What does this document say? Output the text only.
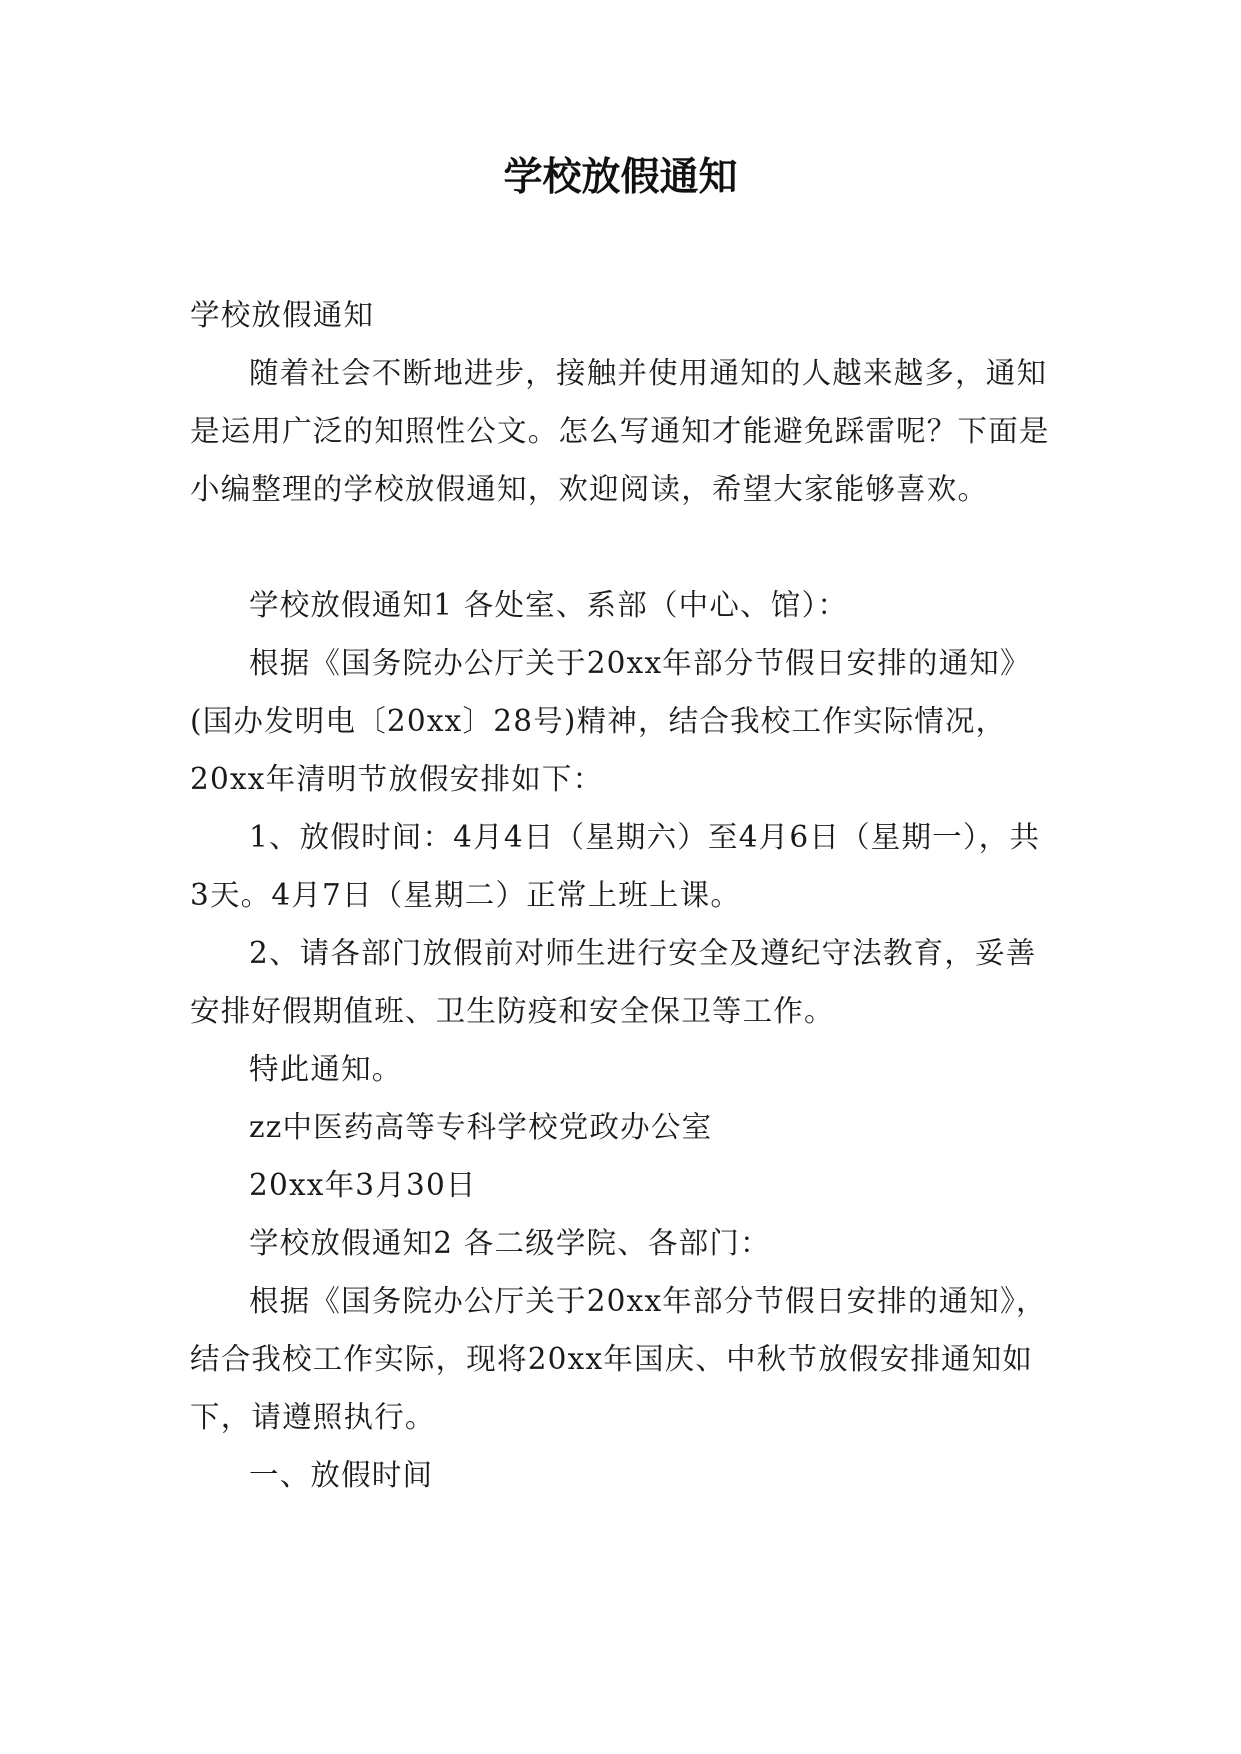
学校放假通知

学校放假通知

随着社会不断地进步，接触并使用通知的人越来越多，通知是运用广泛的知照性公文。怎么写通知才能避免踩雷呢？下面是小编整理的学校放假通知，欢迎阅读，希望大家能够喜欢。

学校放假通知1 各处室、系部（中心、馆）：

根据《国务院办公厅关于20xx年部分节假日安排的通知》(国办发明电〔20xx〕28号)精神，结合我校工作实际情况， 20xx年清明节放假安排如下：

1、放假时间：4月4日（星期六）至4月6日（星期一），共3天。4月7日（星期二）正常上班上课。

2、请各部门放假前对师生进行安全及遵纪守法教育，妥善安排好假期值班、卫生防疫和安全保卫等工作。

特此通知。

zz中医药高等专科学校党政办公室

20xx年3月30日

学校放假通知2 各二级学院、各部门：

根据《国务院办公厅关于20xx年部分节假日安排的通知》，结合我校工作实际，现将20xx年国庆、中秋节放假安排通知如下，请遵照执行。

一、放假时间
